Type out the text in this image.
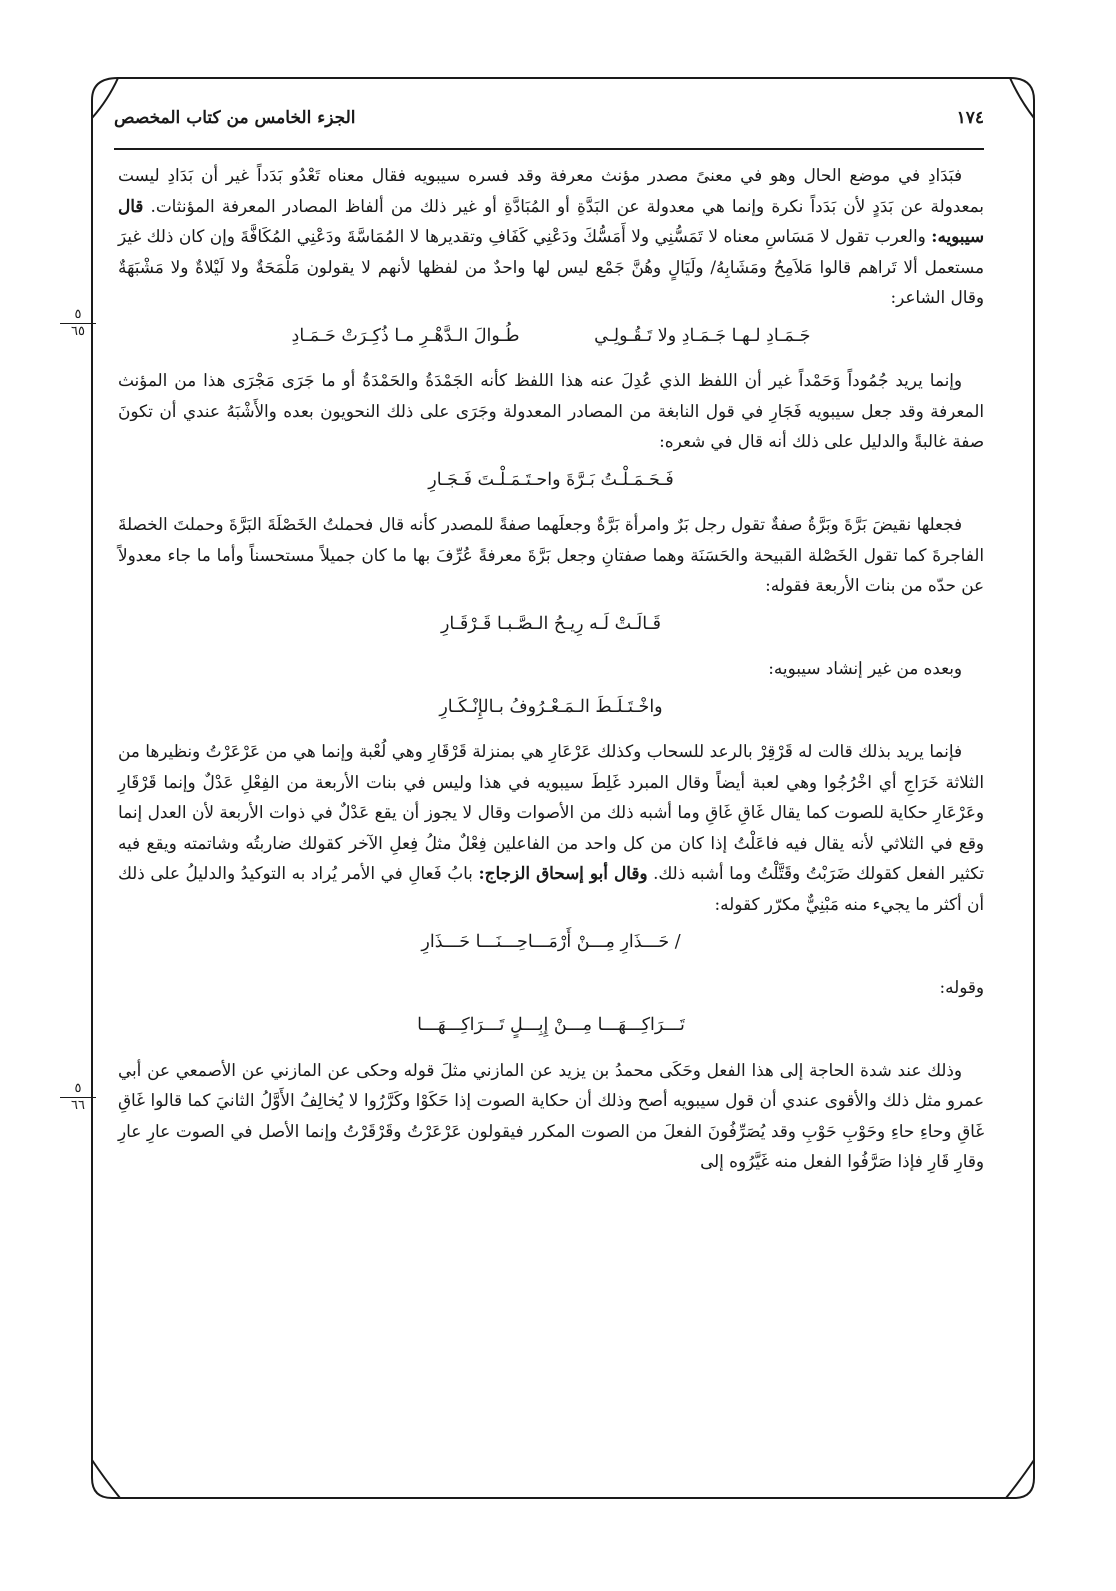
١٧٤
الجزء الخامس من كتاب المخصص
٥
٦٥
٥
٦٦

فبَدَادِ في موضع الحال وهو في معنىً مصدر مؤنث معرفة وقد فسره سيبويه فقال معناه تَعْدُو بَدَداً غير أن بَدَادِ ليست بمعدولة عن بَدَدٍ لأن بَدَداً نكرة وإنما هي معدولة عن البَدَّةِ أو المُبَادَّةِ أو غير ذلك من ألفاظ المصادر المعرفة المؤنثات. قال سيبويه: والعرب تقول لا مَسَاسِ معناه لا تَمَسُّنِي ولا أَمَسُّكَ ودَعْنِي كَفَافِ وتقديرها لا المُمَاسَّةَ ودَعْنِي المُكَافَّةَ وإن كان ذلك غيرَ مستعمل ألا تَراهم قالوا مَلاَمِحُ ومَشَابِهُ/ ولَيَالٍ وهُنَّ جَمْع ليس لها واحدٌ من لفظها لأنهم لا يقولون مَلْمَحَةٌ ولا لَيْلاةٌ ولا مَشْبَهَةٌ وقال الشاعر:

جَـمَـادِ لـهـا جَـمَـادِ ولا تَـقُـولِـي طُـوالَ الـدَّهْـرِ مـا ذُكِـرَتْ حَـمَـادِ

وإنما يريد جُمُوداً وَحَمْداً غير أن اللفظ الذي عُدِلَ عنه هذا اللفظ كأنه الجَمْدَةُ والحَمْدَةُ أو ما جَرَى مَجْرَى هذا من المؤنث المعرفة وقد جعل سيبويه فَجَارِ في قول النابغة من المصادر المعدولة وجَرَى على ذلك النحويون بعده والأَشْبَهُ عندي أن تكونَ صفة غالبةً والدليل على ذلك أنه قال في شعره:

فَـحَـمَـلْـتُ بَـرَّةَ واحـتَـمَـلْـتَ فَـجَـارِ

فجعلها نقيضَ بَرَّةَ وبَرَّةُ صفةٌ تقول رجل بَرٌ وامرأة بَرَّةٌ وجعلَهما صفةً للمصدر كأنه قال فحملتُ الخَصْلَةَ البَرَّةَ وحملتَ الخصلةَ الفاجرةَ كما تقول الخَصْلة القبيحة والحَسَنَة وهما صفتانِ وجعل بَرَّةَ معرفةً عُرِّفَ بها ما كان جميلاً مستحسناً وأما ما جاء معدولاً عن حدّه من بنات الأربعة فقوله:

قَـالَـتْ لَـه رِيـحُ الـصَّـبـا قَـرْقَـارِ

وبعده من غير إنشاد سيبويه:

واخْـتَـلَـطَ الـمَـعْـرُوفُ بـالإِنْـكَـارِ

فإنما يريد بذلك قالت له قَرْقِرْ بالرعد للسحاب وكذلك عَرْعَارِ هي بمنزلة قَرْقَارِ وهي لُعْبة وإنما هي من عَرْعَرْتُ ونظيرها من الثلاثة خَرَاجِ أي اخْرُجُوا وهي لعبة أيضاً وقال المبرد غَلِطَ سيبويه في هذا وليس في بنات الأربعة من الفِعْلِ عَدْلٌ وإنما قَرْقَارِ وعَرْعَارِ حكاية للصوت كما يقال غَاقِ غَاقِ وما أشبه ذلك من الأصوات وقال لا يجوز أن يقع عَدْلٌ في ذوات الأربعة لأن العدل إنما وقع في الثلاثي لأنه يقال فيه فاعَلْتُ إذا كان من كل واحد من الفاعلين فِعْلٌ مثلُ فِعلِ الآخر كقولك ضاربتُه وشاتمته ويقع فيه تكثير الفعل كقولك ضَرَبْتُ وقَتَّلْتُ وما أشبه ذلك. وقال أبو إسحاق الزجاج: بابُ فَعالِ في الأمر يُراد به التوكيدُ والدليلُ على ذلك أن أكثر ما يجيء منه مَبْنِيٌّ مكرّر كقوله:

/ حَـــذَارِ مِـــنْ أَرْمَـــاحِـــنَـــا حَـــذَارِ

وقوله:

تَـــرَاكِـــهَـــا مِـــنْ إِبِـــلٍ تَـــرَاكِـــهَـــا

وذلك عند شدة الحاجة إلى هذا الفعل وحَكَى محمدُ بن يزيد عن المازني مثلَ قوله وحكى عن المازني عن الأصمعي عن أبي عمرو مثل ذلك والأقوى عندي أن قول سيبويه أصح وذلك أن حكاية الصوت إذا حَكَوْا وكَرَّرُوا لا يُخالِفُ الأَوَّلُ الثانيَ كما قالوا غَاقِ غَاقِ وحاءِ حاءِ وحَوْبِ حَوْبِ وقد يُصَرِّفُونَ الفعلَ من الصوت المكرر فيقولون عَرْعَرْتُ وقَرْقَرْتُ وإنما الأصل في الصوت عارِ عارِ وقارِ قَارِ فإذا صَرَّفُوا الفعل منه غَيَّرُوه إلى
